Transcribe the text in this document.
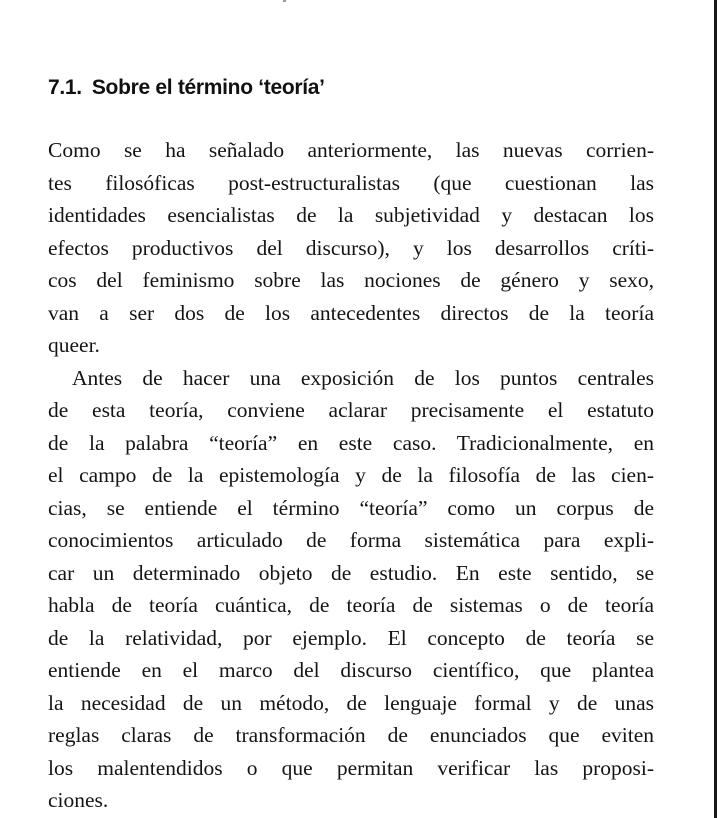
7.1. Sobre el término ‘teoría’
Como se ha señalado anteriormente, las nuevas corrien-
tes filosóficas post-estructuralistas (que cuestionan las
identidades esencialistas de la subjetividad y destacan los
efectos productivos del discurso), y los desarrollos críti-
cos del feminismo sobre las nociones de género y sexo,
van a ser dos de los antecedentes directos de la teoría
queer.
Antes de hacer una exposición de los puntos centrales
de esta teoría, conviene aclarar precisamente el estatuto
de la palabra “teoría” en este caso. Tradicionalmente, en
el campo de la epistemología y de la filosofía de las cien-
cias, se entiende el término “teoría” como un corpus de
conocimientos articulado de forma sistemática para expli-
car un determinado objeto de estudio. En este sentido, se
habla de teoría cuántica, de teoría de sistemas o de teoría
de la relatividad, por ejemplo. El concepto de teoría se
entiende en el marco del discurso científico, que plantea
la necesidad de un método, de lenguaje formal y de unas
reglas claras de transformación de enunciados que eviten
los malentendidos o que permitan verificar las proposi-
ciones.
